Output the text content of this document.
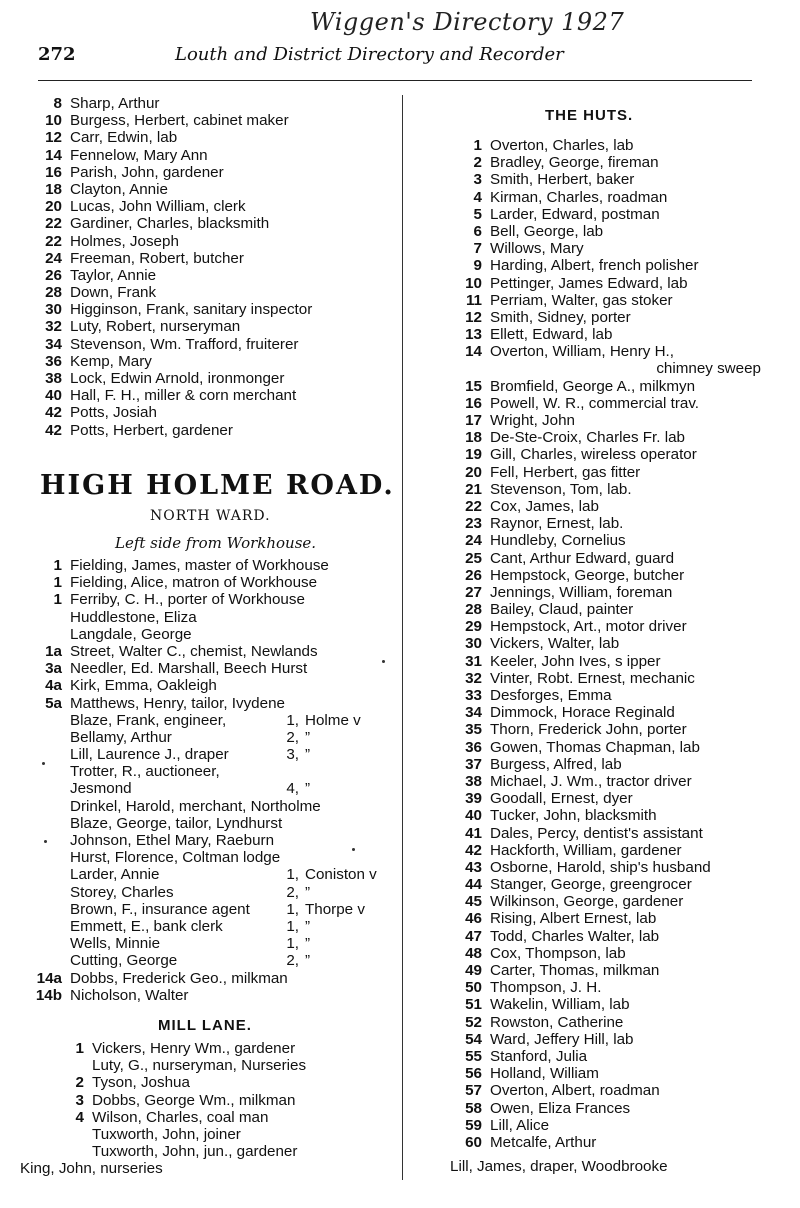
Wiggen's Directory 1927
272	Louth and District Directory and Recorder
8 Sharp, Arthur
10 Burgess, Herbert, cabinet maker
12 Carr, Edwin, lab
14 Fennelow, Mary Ann
16 Parish, John, gardener
18 Clayton, Annie
20 Lucas, John William, clerk
22 Gardiner, Charles, blacksmith
22 Holmes, Joseph
24 Freeman, Robert, butcher
26 Taylor, Annie
28 Down, Frank
30 Higginson, Frank, sanitary inspector
32 Luty, Robert, nurseryman
34 Stevenson, Wm. Trafford, fruiterer
36 Kemp, Mary
38 Lock, Edwin Arnold, ironmonger
40 Hall, F. H., miller & corn merchant
42 Potts, Josiah
42 Potts, Herbert, gardener
HIGH HOLME ROAD.
NORTH WARD.
Left side from Workhouse.
1 Fielding, James, master of Workhouse
1 Fielding, Alice, matron of Workhouse
1 Ferriby, C. H., porter of Workhouse
Huddlestone, Eliza
Langdale, George
1a Street, Walter C., chemist, Newlands
3a Needler, Ed. Marshall, Beech Hurst
4a Kirk, Emma, Oakleigh
5a Matthews, Henry, tailor, Ivydene
Blaze, Frank, engineer,	1, Holme v
Bellamy, Arthur	2, ”
Lill, Laurence J., draper	3, ”
Trotter, R., auctioneer,
Jesmond	4, ”
Drinkel, Harold, merchant, Northolme
Blaze, George, tailor, Lyndhurst
Johnson, Ethel Mary, Raeburn
Hurst, Florence, Coltman lodge
Larder, Annie	1, Coniston v
Storey, Charles	2, ”
Brown, F., insurance agent	1, Thorpe v
Emmett, E., bank clerk	1, ”
Wells, Minnie	1, ”
Cutting, George	2, ”
14a Dobbs, Frederick Geo., milkman
14b Nicholson, Walter
MILL LANE.
1 Vickers, Henry Wm., gardener
Luty, G., nurseryman, Nurseries
2 Tyson, Joshua
3 Dobbs, George Wm., milkman
4 Wilson, Charles, coal man
Tuxworth, John, joiner
Tuxworth, John, jun., gardener
King, John, nurseries
THE HUTS.
1 Overton, Charles, lab
2 Bradley, George, fireman
3 Smith, Herbert, baker
4 Kirman, Charles, roadman
5 Larder, Edward, postman
6 Bell, George, lab
7 Willows, Mary
9 Harding, Albert, french polisher
10 Pettinger, James Edward, lab
11 Perriam, Walter, gas stoker
12 Smith, Sidney, porter
13 Ellett, Edward, lab
14 Overton, William, Henry H.,
chimney sweep
15 Bromfield, George A., milkmyn
16 Powell, W. R., commercial trav.
17 Wright, John
18 De-Ste-Croix, Charles Fr. lab
19 Gill, Charles, wireless operator
20 Fell, Herbert, gas fitter
21 Stevenson, Tom, lab.
22 Cox, James, lab
23 Raynor, Ernest, lab.
24 Hundleby, Cornelius
25 Cant, Arthur Edward, guard
26 Hempstock, George, butcher
27 Jennings, William, foreman
28 Bailey, Claud, painter
29 Hempstock, Art., motor driver
30 Vickers, Walter, lab
31 Keeler, John Ives, s ipper
32 Vinter, Robt. Ernest, mechanic
33 Desforges, Emma
34 Dimmock, Horace Reginald
35 Thorn, Frederick John, porter
36 Gowen, Thomas Chapman, lab
37 Burgess, Alfred, lab
38 Michael, J. Wm., tractor driver
39 Goodall, Ernest, dyer
40 Tucker, John, blacksmith
41 Dales, Percy, dentist's assistant
42 Hackforth, William, gardener
43 Osborne, Harold, ship's husband
44 Stanger, George, greengrocer
45 Wilkinson, George, gardener
46 Rising, Albert Ernest, lab
47 Todd, Charles Walter, lab
48 Cox, Thompson, lab
49 Carter, Thomas, milkman
50 Thompson, J. H.
51 Wakelin, William, lab
52 Rowston, Catherine
54 Ward, Jeffery Hill, lab
55 Stanford, Julia
56 Holland, William
57 Overton, Albert, roadman
58 Owen, Eliza Frances
59 Lill, Alice
60 Metcalfe, Arthur
Lill, James, draper, Woodbrooke
